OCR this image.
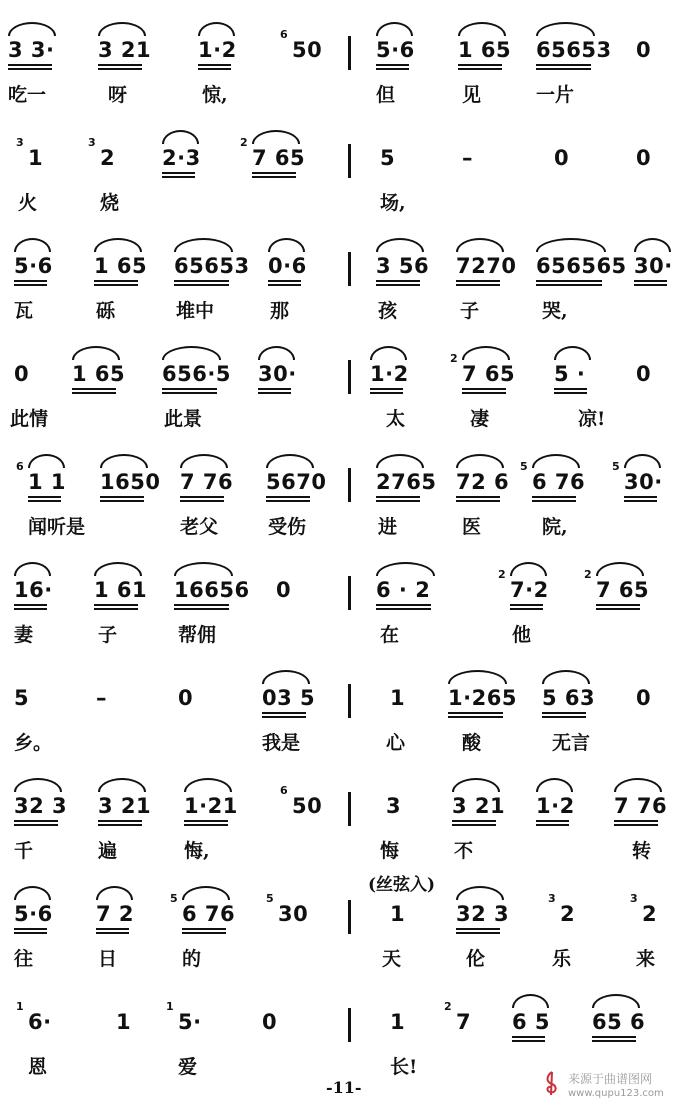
3 3· 3 21 1·2
6
50	5·6 1 65 65653 0
吃一	呀	惊,	但	见	一片
3
1
3
2 2·3
2
7 65	5	–	0	0
火	烧	场,
5·6 1 65 65653 0·6	3 56 7270 656565 30·
瓦	砾	堆中	那	孩	子	哭,
0 1 65 656·5 30·	1·2
2
7 65 5 · 0
此情	此景	太	凄	凉!
6
1 1 1650 7 76 5670 2765 72 6
5
6 76
5
30·
闻听是	老父	受伤	进	医	院,
16· 1 61 16656 0	6 · 2
2
7·2
2
7 65
妻	子	帮佣	在	他
5	–	0	03 5	1 1·265 5 63 0
乡。	我是	心	酸	无言
32 3 3 21 1·21
6
50	3 3 21 1·2 7 76
千	遍	悔,	悔	不	转
5·6 7 2
5
6 76
5
30	1 32 3
3
2
3
2
往	日	的	天	伦	乐	来
1
6·	1
1
5·	0	1
2
7 6 5 65 6
恩	爱	长!
(丝弦入)
-11-	来源于曲谱图网
www.qupu123.com
